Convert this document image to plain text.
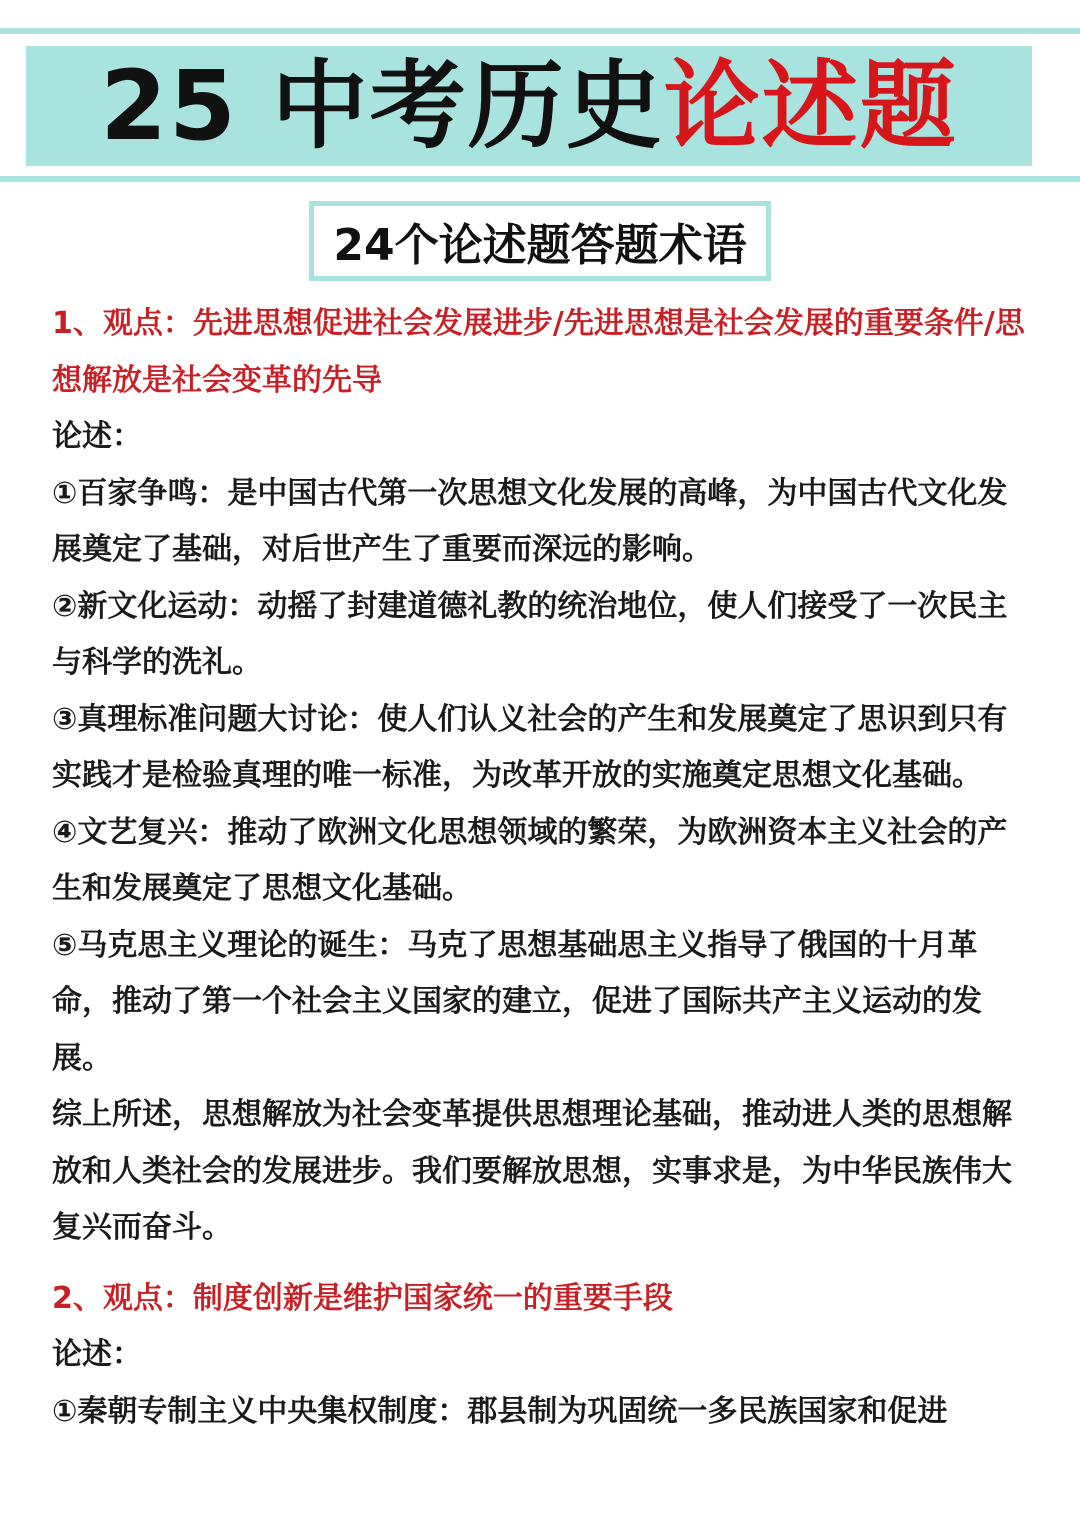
25 中考历史 论述题
24个论述题答题术语

1、观点：先进思想促进社会发展进步/先进思想是社会发展的重要条件/思想解放是社会变革的先导

论述：

①百家争鸣：是中国古代第一次思想文化发展的高峰，为中国古代文化发展奠定了基础，对后世产生了重要而深远的影响。

②新文化运动：动摇了封建道德礼教的统治地位，使人们接受了一次民主与科学的洗礼。

③真理标准问题大讨论：使人们认义社会的产生和发展奠定了思识到只有实践才是检验真理的唯一标准，为改革开放的实施奠定思想文化基础。

④文艺复兴：推动了欧洲文化思想领域的繁荣，为欧洲资本主义社会的产生和发展奠定了思想文化基础。

⑤马克思主义理论的诞生：马克了思想基础思主义指导了俄国的十月革命，推动了第一个社会主义国家的建立，促进了国际共产主义运动的发展。

综上所述，思想解放为社会变革提供思想理论基础，推动进人类的思想解放和人类社会的发展进步。我们要解放思想，实事求是，为中华民族伟大复兴而奋斗。

2、观点：制度创新是维护国家统一的重要手段

论述：

①秦朝专制主义中央集权制度：郡县制为巩固统一多民族国家和促进
